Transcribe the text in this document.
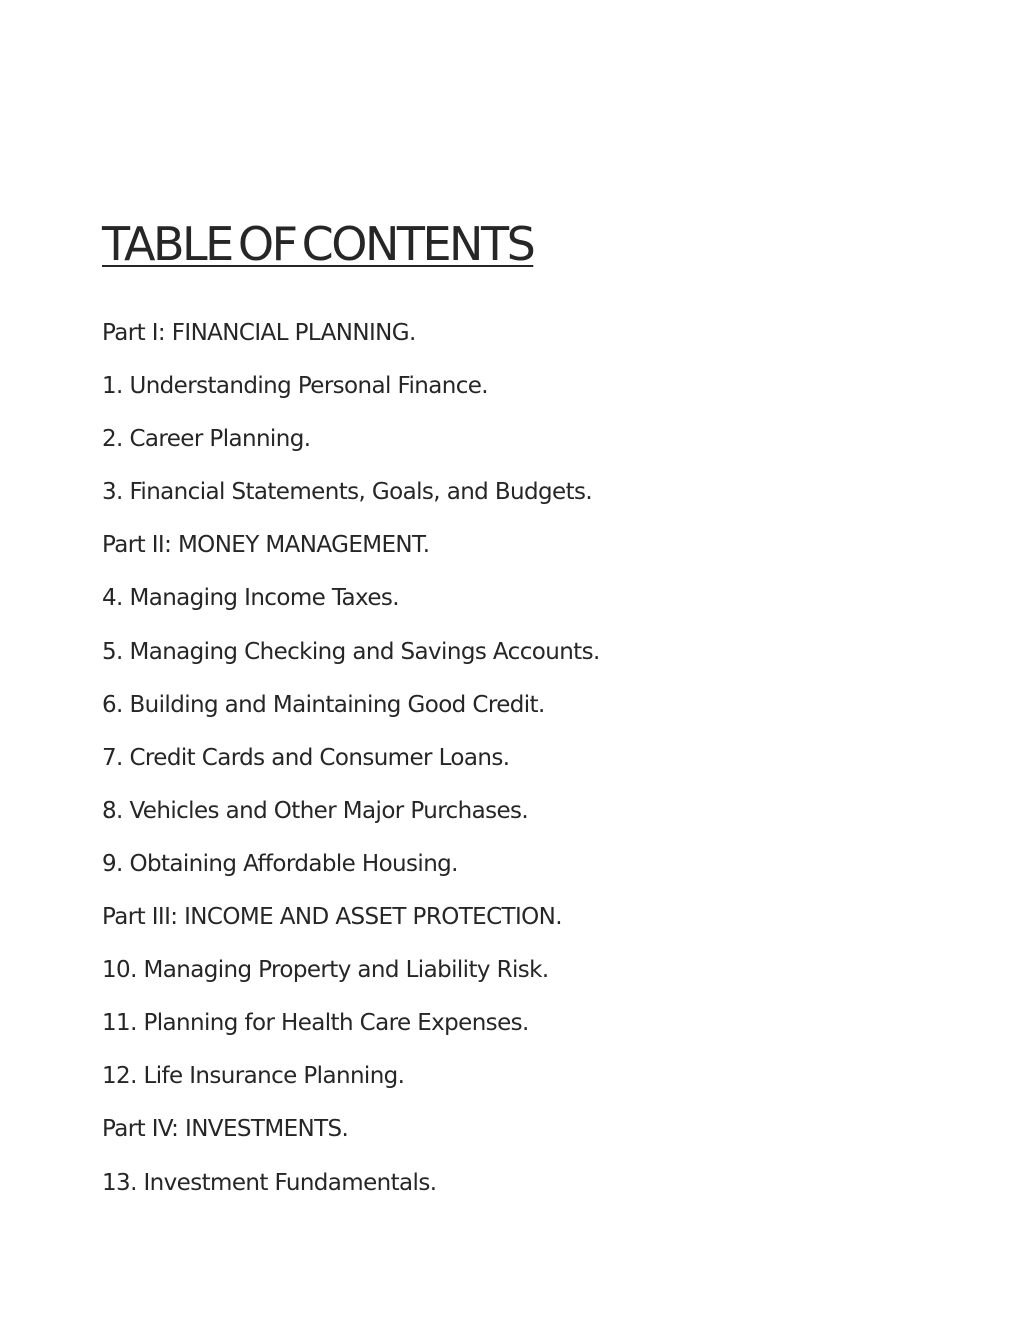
TABLE OF CONTENTS
Part I: FINANCIAL PLANNING.
1. Understanding Personal Finance.
2. Career Planning.
3. Financial Statements, Goals, and Budgets.
Part II: MONEY MANAGEMENT.
4. Managing Income Taxes.
5. Managing Checking and Savings Accounts.
6. Building and Maintaining Good Credit.
7. Credit Cards and Consumer Loans.
8. Vehicles and Other Major Purchases.
9. Obtaining Affordable Housing.
Part III: INCOME AND ASSET PROTECTION.
10. Managing Property and Liability Risk.
11. Planning for Health Care Expenses.
12. Life Insurance Planning.
Part IV: INVESTMENTS.
13. Investment Fundamentals.
